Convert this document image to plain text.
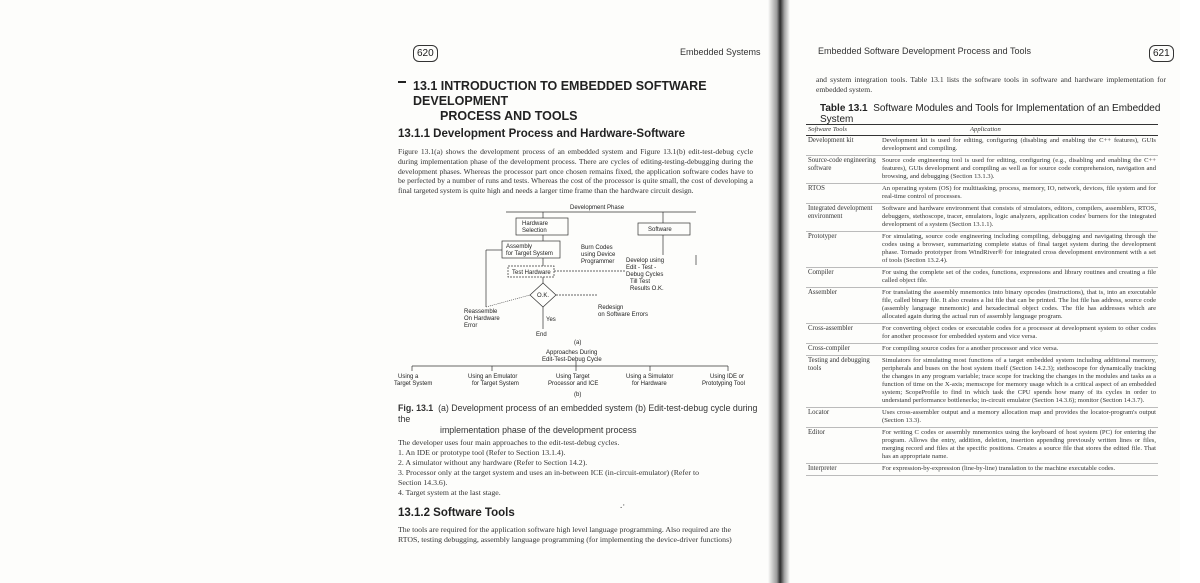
620	Embedded Systems
13.1 INTRODUCTION TO EMBEDDED SOFTWARE DEVELOPMENT
PROCESS AND TOOLS
13.1.1 Development Process and Hardware-Software

Figure 13.1(a) shows the development process of an embedded system and Figure 13.1(b) edit-test-debug cycle during implementation phase of the development process. There are cycles of editing-testing-debugging during the development phases. Whereas the processor part once chosen remains fixed, the application software codes have to be perfected by a number of runs and tests. Whereas the cost of the processor is quite small, the cost of developing a final targeted system is quite high and needs a larger time frame than the hardware circuit design.

Development Phase
Hardware
Selection	Software
Assembly
for Target System
Burn Codes
using Device
Programmer Develop using
Edit - Test -
Debug Cycles
Till Test
Results O.K.
Test Hardware
O.K.
Reassemble
On Hardware
Error
Yes
End
Redesign
on Software Errors
(a)
Approaches During
Edit-Test-Debug Cycle
Using a
Target System
Using an Emulator
for Target System
Using Target
Processor and ICE
Using a Simulator
for Hardware
Using IDE or
Prototyping Tool
(b)
Fig. 13.1 (a) Development process of an embedded system (b) Edit-test-debug cycle during the
implementation phase of the development process
The developer uses four main approaches to the edit-test-debug cycles.
1. An IDE or prototype tool (Refer to Section 13.1.4).
2. A simulator without any hardware (Refer to Section 14.2).
3. Processor only at the target system and uses an in-between ICE (in-circuit-emulator) (Refer to
Section 14.3.6).
4. Target system at the last stage.
13.1.2 Software Tools
.·
The tools are required for the application software high level language programming. Also required are the
RTOS, testing debugging, assembly language programming (for implementing the device-driver functions)
Embedded Software Development Process and Tools	621

and system integration tools. Table 13.1 lists the software tools in software and hardware implementation for embedded system.

Table 13.1 Software Modules and Tools for Implementation of an Embedded System
Software Tools	Application
Development kit	Development kit is used for editing, configuring (disabling and enabling the C++ features), GUIs development and compiling.
Source-code engineering software	Source code engineering tool is used for editing, configuring (e.g., disabling and enabling the C++ features), GUIs development and compiling as well as for source code comprehension, navigation and browsing, and debugging (Section 13.1.3).
RTOS	An operating system (OS) for multitasking, process, memory, IO, network, devices, file system and for real-time control of processes.
Integrated development environment	Software and hardware environment that consists of simulators, editors, compilers, assemblers, RTOS, debuggers, stethoscope, tracer, emulators, logic analyzers, application codes' burners for the integrated development of a system (Section 13.1.1).
Prototyper	For simulating, source code engineering including compiling, debugging and navigating through the codes using a browser, summarizing complete status of final target system during the development phase. Tornado prototyper from WindRiver® for integrated cross development environment with a set of tools (Section 13.2.4).
Compiler	For using the complete set of the codes, functions, expressions and library routines and creating a file called object file.
Assembler	For translating the assembly mnemonics into binary opcodes (instructions), that is, into an executable file, called binary file. It also creates a list file that can be printed. The list file has address, source code (assembly language mnemonic) and hexadecimal object codes. The file has addresses which are allocated again during the actual run of assembly language program.
Cross-assembler	For converting object codes or executable codes for a processor at development system to other codes for another processor for embedded system and vice versa.
Cross-compiler	For compiling source codes for a another processor and vice versa.
Testing and debugging tools	Simulators for simulating most functions of a target embedded system including additional memory, peripherals and buses on the host system itself (Section 14.2.3); stethoscope for dynamically tracking the changes in any program variable; trace scope for tracking the changes in the modules and tasks as a function of time on the X-axis; memscope for memory usage which is a critical aspect of an embedded system; ScopeProfile to find in which task the CPU spends how many of its cycles in order to understand performance bottlenecks; in-circuit emulator (Section 14.3.6); monitor (Section 14.3.7).
Locator	Uses cross-assembler output and a memory allocation map and provides the locator-program's output (Section 13.3).
Editor	For writing C codes or assembly mnemonics using the keyboard of host system (PC) for entering the program. Allows the entry, addition, deletion, insertion appending previously written lines or files, merging record and files at the specific positions. Creates a source file that stores the edited file. That has an appropriate name.
Interpreter	For expression-by-expression (line-by-line) translation to the machine executable codes.
